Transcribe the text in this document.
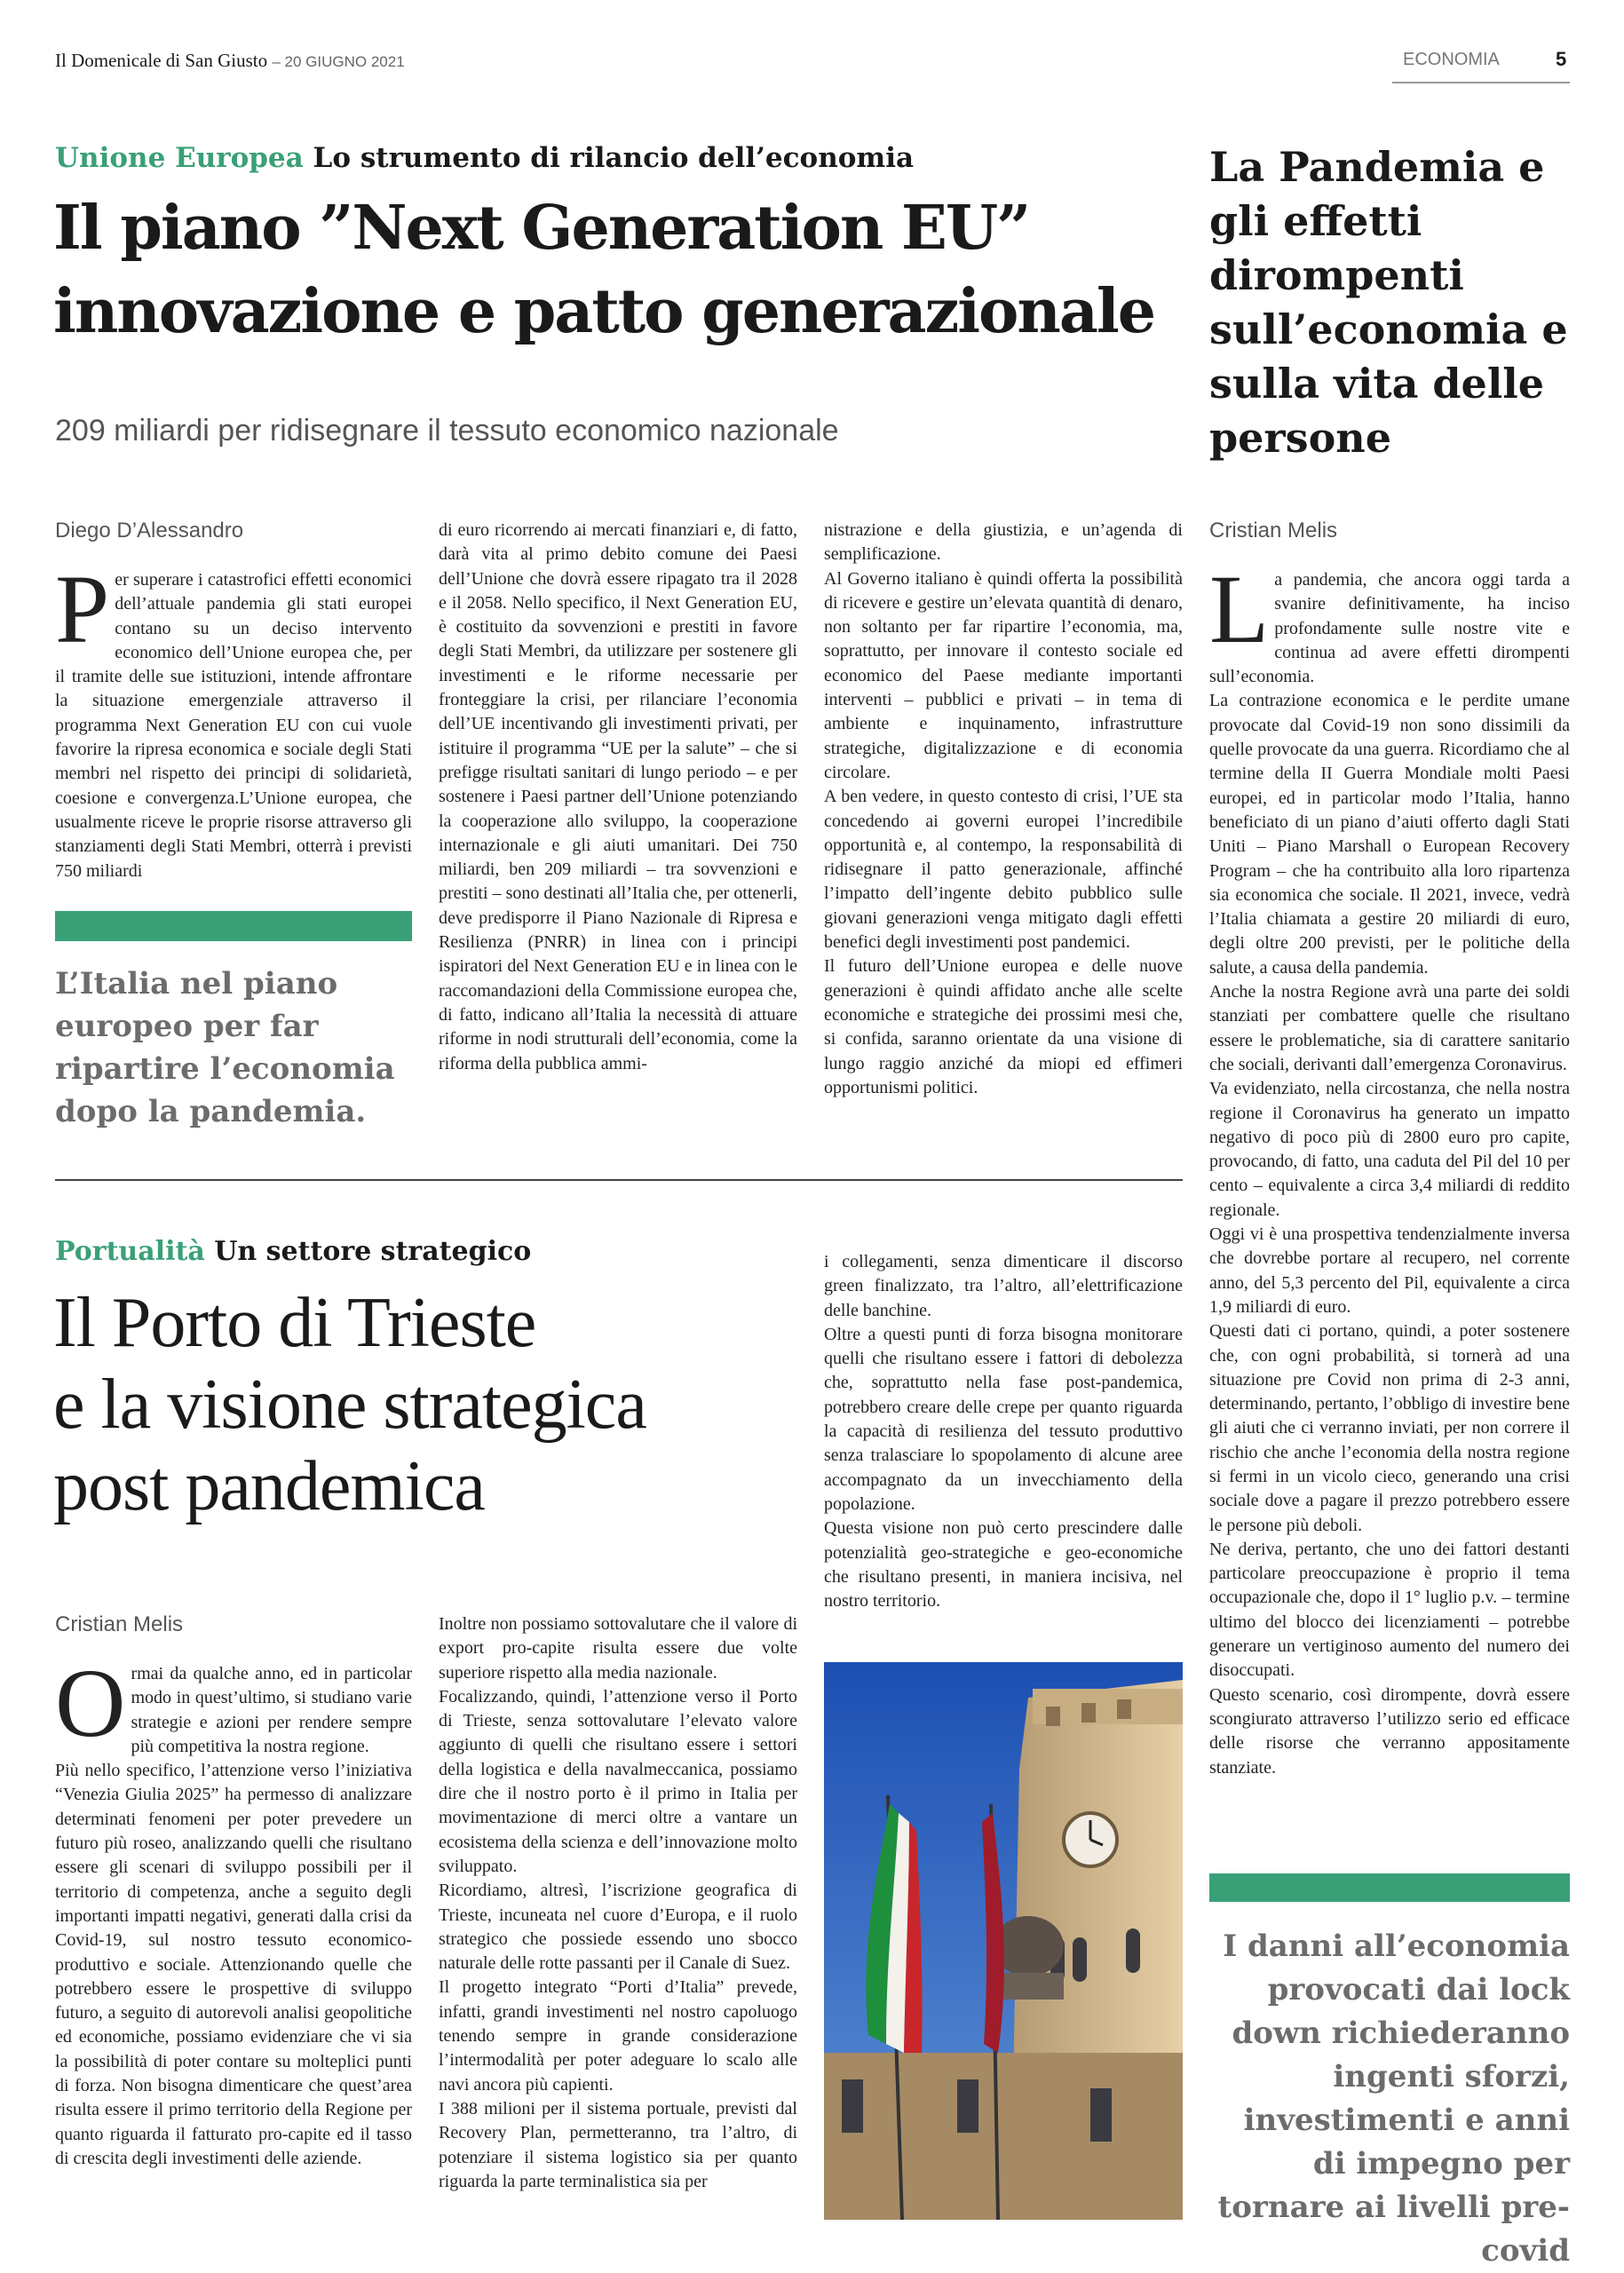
Il Domenicale di San Giusto – 20 GIUGNO 2021	ECONOMIA	5
Unione Europea Lo strumento di rilancio dell’economia
Il piano ”Next Generation EU”
innovazione e patto generazionale
209 miliardi per ridisegnare il tessuto economico nazionale
La Pandemia e gli effetti dirompenti sull’economia e sulla vita delle persone
Diego D’Alessandro
P er superare i catastrofici effetti economici dell’attuale pandemia gli stati europei contano su un deciso intervento economico dell’Unione europea che, per il tramite delle sue istituzioni, intende affrontare la situazione emergenziale attraverso il programma Next Generation EU con cui vuole favorire la ripresa economica e sociale degli Stati membri nel rispetto dei principi di solidarietà, coesione e convergenza.L’Unione europea, che usualmente riceve le proprie risorse attraverso gli stanziamenti degli Stati Membri, otterrà i previsti 750 miliardi

L’Italia nel piano europeo per far ripartire l’economia dopo la pandemia.

di euro ricorrendo ai mercati finanziari e, di fatto, darà vita al primo debito comune dei Paesi dell’Unione che dovrà essere ripagato tra il 2028 e il 2058. Nello specifico, il Next Generation EU, è costituito da sovvenzioni e prestiti in favore degli Stati Membri, da utilizzare per sostenere gli investimenti e le riforme necessarie per fronteggiare la crisi, per rilanciare l’economia dell’UE incentivando gli investimenti privati, per istituire il programma “UE per la salute” – che si prefigge risultati sanitari di lungo periodo – e per sostenere i Paesi partner dell’Unione potenziando la cooperazione allo sviluppo, la cooperazione internazionale e gli aiuti umanitari. Dei 750 miliardi, ben 209 miliardi – tra sovvenzioni e prestiti – sono destinati all’Italia che, per ottenerli, deve predisporre il Piano Nazionale di Ripresa e Resilienza (PNRR) in linea con i principi ispiratori del Next Generation EU e in linea con le raccomandazioni della Commissione europea che, di fatto, indicano all’Italia la necessità di attuare riforme in nodi strutturali dell’economia, come la riforma della pubblica ammi-

nistrazione e della giustizia, e un’agenda di semplificazione.

Al Governo italiano è quindi offerta la possibilità di ricevere e gestire un’elevata quantità di denaro, non soltanto per far ripartire l’economia, ma, soprattutto, per innovare il contesto sociale ed economico del Paese mediante importanti interventi – pubblici e privati – in tema di ambiente e inquinamento, infrastrutture strategiche, digitalizzazione e di economia circolare.

A ben vedere, in questo contesto di crisi, l’UE sta concedendo ai governi europei l’incredibile opportunità e, al contempo, la responsabilità di ridisegnare il patto generazionale, affinché l’impatto dell’ingente debito pubblico sulle giovani generazioni venga mitigato dagli effetti benefici degli investimenti post pandemici.

Il futuro dell’Unione europea e delle nuove generazioni è quindi affidato anche alle scelte economiche e strategiche dei prossimi mesi che, si confida, saranno orientate da una visione di lungo raggio anziché da miopi ed effimeri opportunismi politici.

Cristian Melis
L a pandemia, che ancora oggi tarda a svanire definitivamente, ha inciso profondamente sulle nostre vite e continua ad avere effetti dirompenti sull’economia.

La contrazione economica e le perdite umane provocate dal Covid-19 non sono dissimili da quelle provocate da una guerra. Ricordiamo che al termine della II Guerra Mondiale molti Paesi europei, ed in particolar modo l’Italia, hanno beneficiato di un piano d’aiuti offerto dagli Stati Uniti – Piano Marshall o European Recovery Program – che ha contribuito alla loro ripartenza sia economica che sociale. Il 2021, invece, vedrà l’Italia chiamata a gestire 20 miliardi di euro, degli oltre 200 previsti, per le politiche della salute, a causa della pandemia.

Anche la nostra Regione avrà una parte dei soldi stanziati per combattere quelle che risultano essere le problematiche, sia di carattere sanitario che sociali, derivanti dall’emergenza Coronavirus.

Va evidenziato, nella circostanza, che nella nostra regione il Coronavirus ha generato un impatto negativo di poco più di 2800 euro pro capite, provocando, di fatto, una caduta del Pil del 10 per cento – equivalente a circa 3,4 miliardi di reddito regionale.

Oggi vi è una prospettiva tendenzialmente inversa che dovrebbe portare al recupero, nel corrente anno, del 5,3 percento del Pil, equivalente a circa 1,9 miliardi di euro.

Questi dati ci portano, quindi, a poter sostenere che, con ogni probabilità, si tornerà ad una situazione pre Covid non prima di 2-3 anni, determinando, pertanto, l’obbligo di investire bene gli aiuti che ci verranno inviati, per non correre il rischio che anche l’economia della nostra regione si fermi in un vicolo cieco, generando una crisi sociale dove a pagare il prezzo potrebbero essere le persone più deboli.

Ne deriva, pertanto, che uno dei fattori destanti particolare preoccupazione è proprio il tema occupazionale che, dopo il 1° luglio p.v. – termine ultimo del blocco dei licenziamenti – potrebbe generare un vertiginoso aumento del numero dei disoccupati.

Questo scenario, così dirompente, dovrà essere scongiurato attraverso l’utilizzo serio ed efficace delle risorse che verranno appositamente stanziate.

I danni all’economia provocati dai lock down richiederanno ingenti sforzi, investimenti e anni di impegno per tornare ai livelli pre-covid
Portualità Un settore strategico
Il Porto di Trieste
e la visione strategica
post pandemica
Cristian Melis
O rmai da qualche anno, ed in particolar modo in quest’ultimo, si studiano varie strategie e azioni per rendere sempre più competitiva la nostra regione.

Più nello specifico, l’attenzione verso l’iniziativa “Venezia Giulia 2025” ha permesso di analizzare determinati fenomeni per poter prevedere un futuro più roseo, analizzando quelli che risultano essere gli scenari di sviluppo possibili per il territorio di competenza, anche a seguito degli importanti impatti negativi, generati dalla crisi da Covid-19, sul nostro tessuto economico-produttivo e sociale. Attenzionando quelle che potrebbero essere le prospettive di sviluppo futuro, a seguito di autorevoli analisi geopolitiche ed economiche, possiamo evidenziare che vi sia la possibilità di poter contare su molteplici punti di forza. Non bisogna dimenticare che quest’area risulta essere il primo territorio della Regione per quanto riguarda il fatturato pro-capite ed il tasso di crescita degli investimenti delle aziende.

Inoltre non possiamo sottovalutare che il valore di export pro-capite risulta essere due volte superiore rispetto alla media nazionale.

Focalizzando, quindi, l’attenzione verso il Porto di Trieste, senza sottovalutare l’elevato valore aggiunto di quelli che risultano essere i settori della logistica e della navalmeccanica, possiamo dire che il nostro porto è il primo in Italia per movimentazione di merci oltre a vantare un ecosistema della scienza e dell’innovazione molto sviluppato.

Ricordiamo, altresì, l’iscrizione geografica di Trieste, incuneata nel cuore d’Europa, e il ruolo strategico che possiede essendo uno sbocco naturale delle rotte passanti per il Canale di Suez.

Il progetto integrato “Porti d’Italia” prevede, infatti, grandi investimenti nel nostro capoluogo tenendo sempre in grande considerazione l’intermodalità per poter adeguare lo scalo alle navi ancora più capienti.

I 388 milioni per il sistema portuale, previsti dal Recovery Plan, permetteranno, tra l’altro, di potenziare il sistema logistico sia per quanto riguarda la parte terminalistica sia per

i collegamenti, senza dimenticare il discorso green finalizzato, tra l’altro, all’elettrificazione delle banchine.

Oltre a questi punti di forza bisogna monitorare quelli che risultano essere i fattori di debolezza che, soprattutto nella fase post-pandemica, potrebbero creare delle crepe per quanto riguarda la capacità di resilienza del tessuto produttivo senza tralasciare lo spopolamento di alcune aree accompagnato da un invecchiamento della popolazione.

Questa visione non può certo prescindere dalle potenzialità geo-strategiche e geo-economiche che risultano presenti, in maniera incisiva, nel nostro territorio.
